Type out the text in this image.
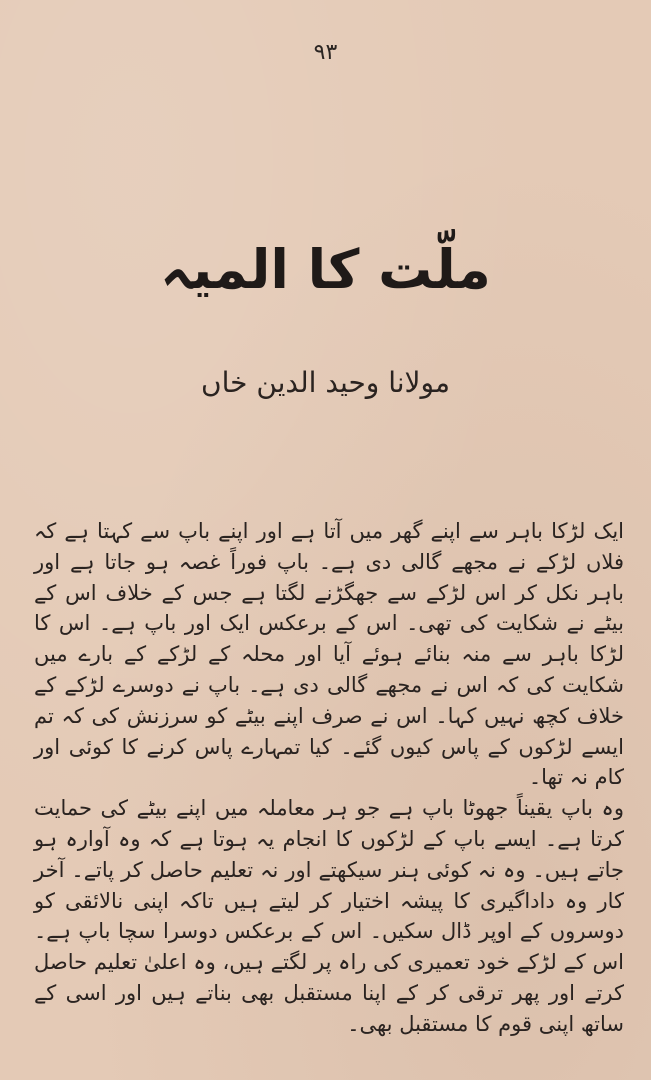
۹۳
ملّت کا المیہ
مولانا وحید الدین خاں

ایک لڑکا باہر سے اپنے گھر میں آتا ہے اور اپنے باپ سے کہتا ہے کہ فلاں لڑکے نے مجھے گالی دی ہے۔ باپ فوراً غصہ ہو جاتا ہے اور باہر نکل کر اس لڑکے سے جھگڑنے لگتا ہے جس کے خلاف اس کے بیٹے نے شکایت کی تھی۔ اس کے برعکس ایک اور باپ ہے۔ اس کا لڑکا باہر سے منہ بنائے ہوئے آیا اور محلہ کے لڑکے کے بارے میں شکایت کی کہ اس نے مجھے گالی دی ہے۔ باپ نے دوسرے لڑکے کے خلاف کچھ نہیں کہا۔ اس نے صرف اپنے بیٹے کو سرزنش کی کہ تم ایسے لڑکوں کے پاس کیوں گئے۔ کیا تمہارے پاس کرنے کا کوئی اور کام نہ تھا۔

وہ باپ یقیناً جھوٹا باپ ہے جو ہر معاملہ میں اپنے بیٹے کی حمایت کرتا ہے۔ ایسے باپ کے لڑکوں کا انجام یہ ہوتا ہے کہ وہ آوارہ ہو جاتے ہیں۔ وہ نہ کوئی ہنر سیکھتے اور نہ تعلیم حاصل کر پاتے۔ آخر کار وہ داداگیری کا پیشہ اختیار کر لیتے ہیں تاکہ اپنی نالائقی کو دوسروں کے اوپر ڈال سکیں۔ اس کے برعکس دوسرا سچا باپ ہے۔ اس کے لڑکے خود تعمیری کی راہ پر لگتے ہیں، وہ اعلیٰ تعلیم حاصل کرتے اور پھر ترقی کر کے اپنا مستقبل بھی بناتے ہیں اور اسی کے ساتھ اپنی قوم کا مستقبل بھی۔
